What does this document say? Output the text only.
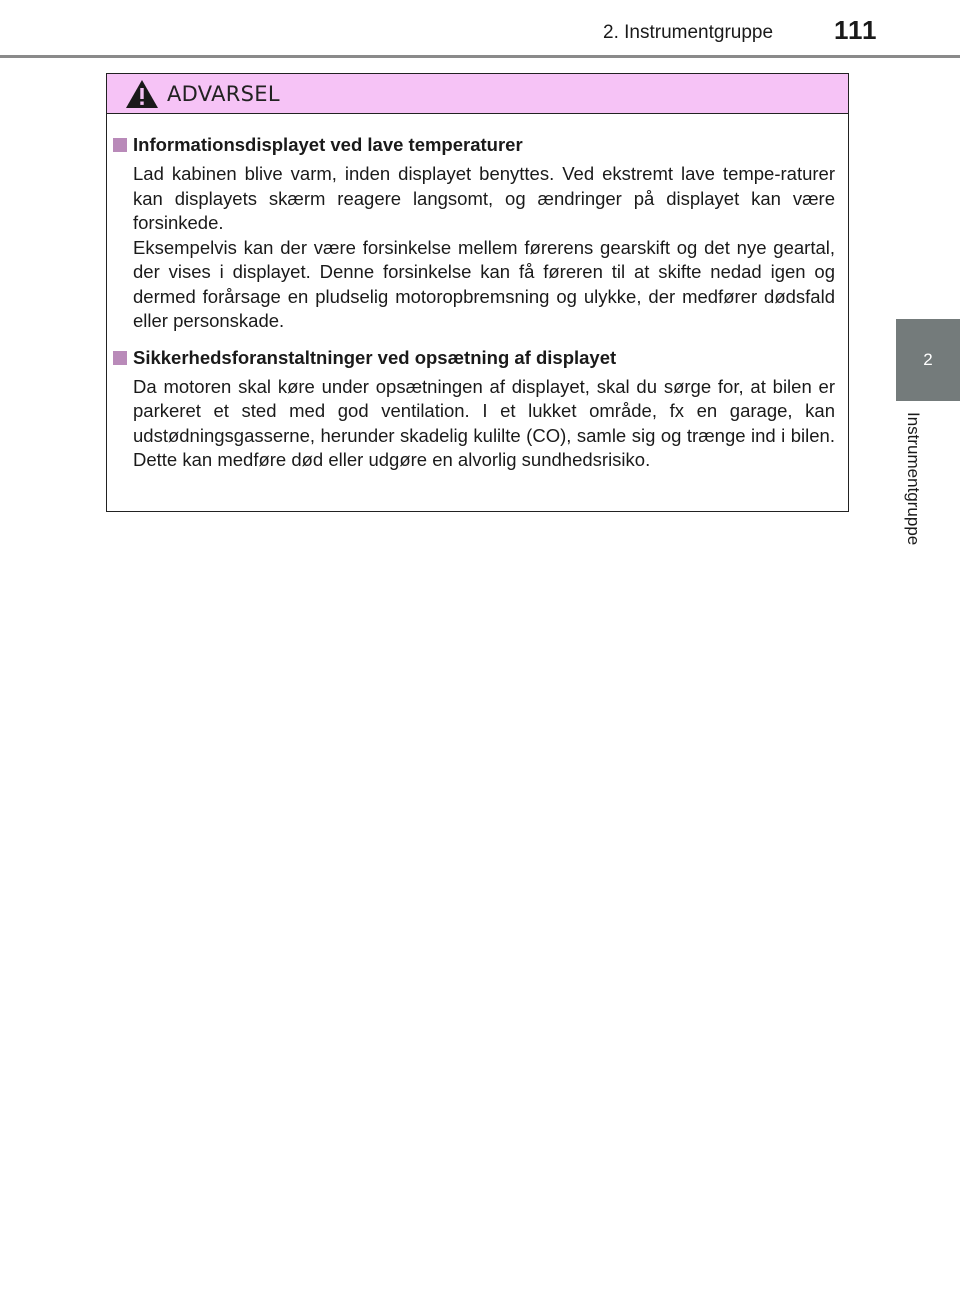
2. Instrumentgruppe 111
2
Instrumentgruppe
ADVARSEL
Informationsdisplayet ved lave temperaturer

Lad kabinen blive varm, inden displayet benyttes. Ved ekstremt lave tempe-raturer kan displayets skærm reagere langsomt, og ændringer på displayet kan være forsinkede.

Eksempelvis kan der være forsinkelse mellem førerens gearskift og det nye geartal, der vises i displayet. Denne forsinkelse kan få føreren til at skifte nedad igen og dermed forårsage en pludselig motoropbremsning og ulykke, der medfører dødsfald eller personskade.

Sikkerhedsforanstaltninger ved opsætning af displayet

Da motoren skal køre under opsætningen af displayet, skal du sørge for, at bilen er parkeret et sted med god ventilation. I et lukket område, fx en garage, kan udstødningsgasserne, herunder skadelig kulilte (CO), samle sig og trænge ind i bilen. Dette kan medføre død eller udgøre en alvorlig sundhedsrisiko.
